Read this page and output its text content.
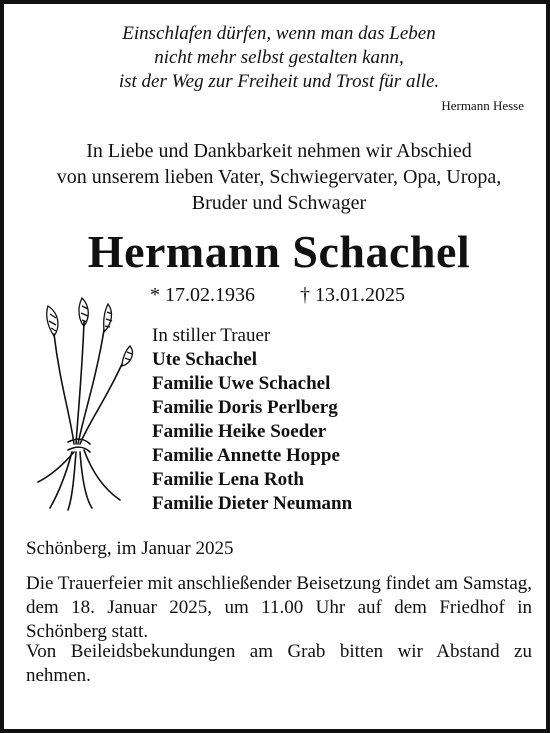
Einschlafen dürfen, wenn man das Leben
nicht mehr selbst gestalten kann,
ist der Weg zur Freiheit und Trost für alle.
Hermann Hesse
In Liebe und Dankbarkeit nehmen wir Abschied
von unserem lieben Vater, Schwiegervater, Opa, Uropa,
Bruder und Schwager
Hermann Schachel
* 17.02.1936 † 13.01.2025
In stiller Trauer
Ute Schachel
Familie Uwe Schachel
Familie Doris Perlberg
Familie Heike Soeder
Familie Annette Hoppe
Familie Lena Roth
Familie Dieter Neumann
Schönberg, im Januar 2025
Die Trauerfeier mit anschließender Beisetzung findet am Samstag, dem 18. Januar 2025, um 11.00 Uhr auf dem Friedhof in Schönberg statt.
Von Beileidsbekundungen am Grab bitten wir Abstand zu nehmen.
